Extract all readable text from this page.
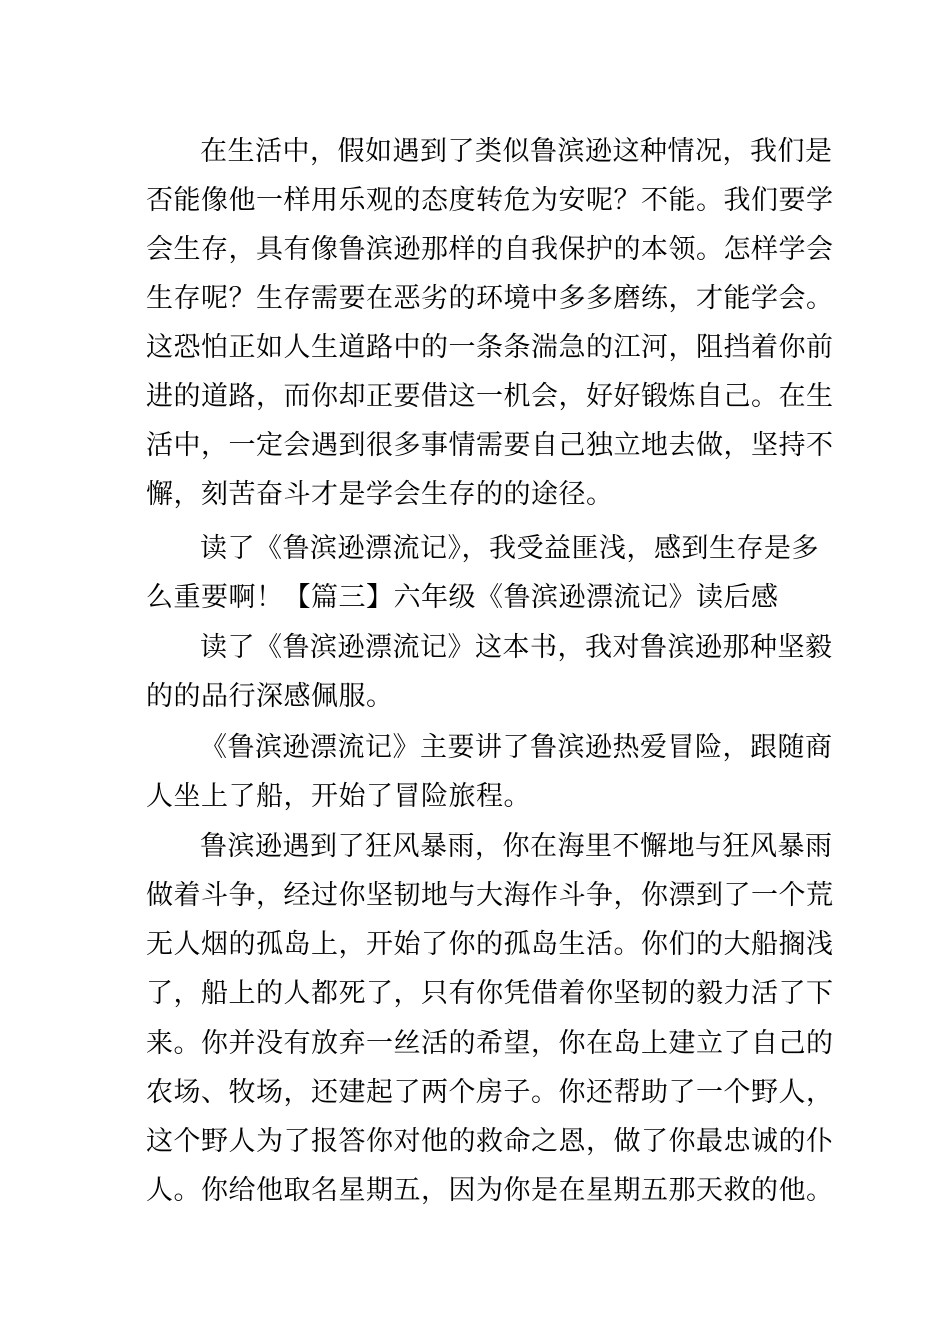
在生活中，假如遇到了类似鲁滨逊这种情况，我们是
否能像他一样用乐观的态度转危为安呢？不能。我们要学
会生存，具有像鲁滨逊那样的自我保护的本领。怎样学会
生存呢？生存需要在恶劣的环境中多多磨练，才能学会。
这恐怕正如人生道路中的一条条湍急的江河，阻挡着你前
进的道路，而你却正要借这一机会，好好锻炼自己。在生
活中，一定会遇到很多事情需要自己独立地去做，坚持不
懈，刻苦奋斗才是学会生存的的途径。
读了《鲁滨逊漂流记》，我受益匪浅，感到生存是多
么重要啊！【篇三】六年级《鲁滨逊漂流记》读后感
读了《鲁滨逊漂流记》这本书，我对鲁滨逊那种坚毅
的的品行深感佩服。
《鲁滨逊漂流记》主要讲了鲁滨逊热爱冒险，跟随商
人坐上了船，开始了冒险旅程。
鲁滨逊遇到了狂风暴雨，你在海里不懈地与狂风暴雨
做着斗争，经过你坚韧地与大海作斗争，你漂到了一个荒
无人烟的孤岛上，开始了你的孤岛生活。你们的大船搁浅
了，船上的人都死了，只有你凭借着你坚韧的毅力活了下
来。你并没有放弃一丝活的希望，你在岛上建立了自己的
农场、牧场，还建起了两个房子。你还帮助了一个野人，
这个野人为了报答你对他的救命之恩，做了你最忠诚的仆
人。你给他取名星期五，因为你是在星期五那天救的他。
